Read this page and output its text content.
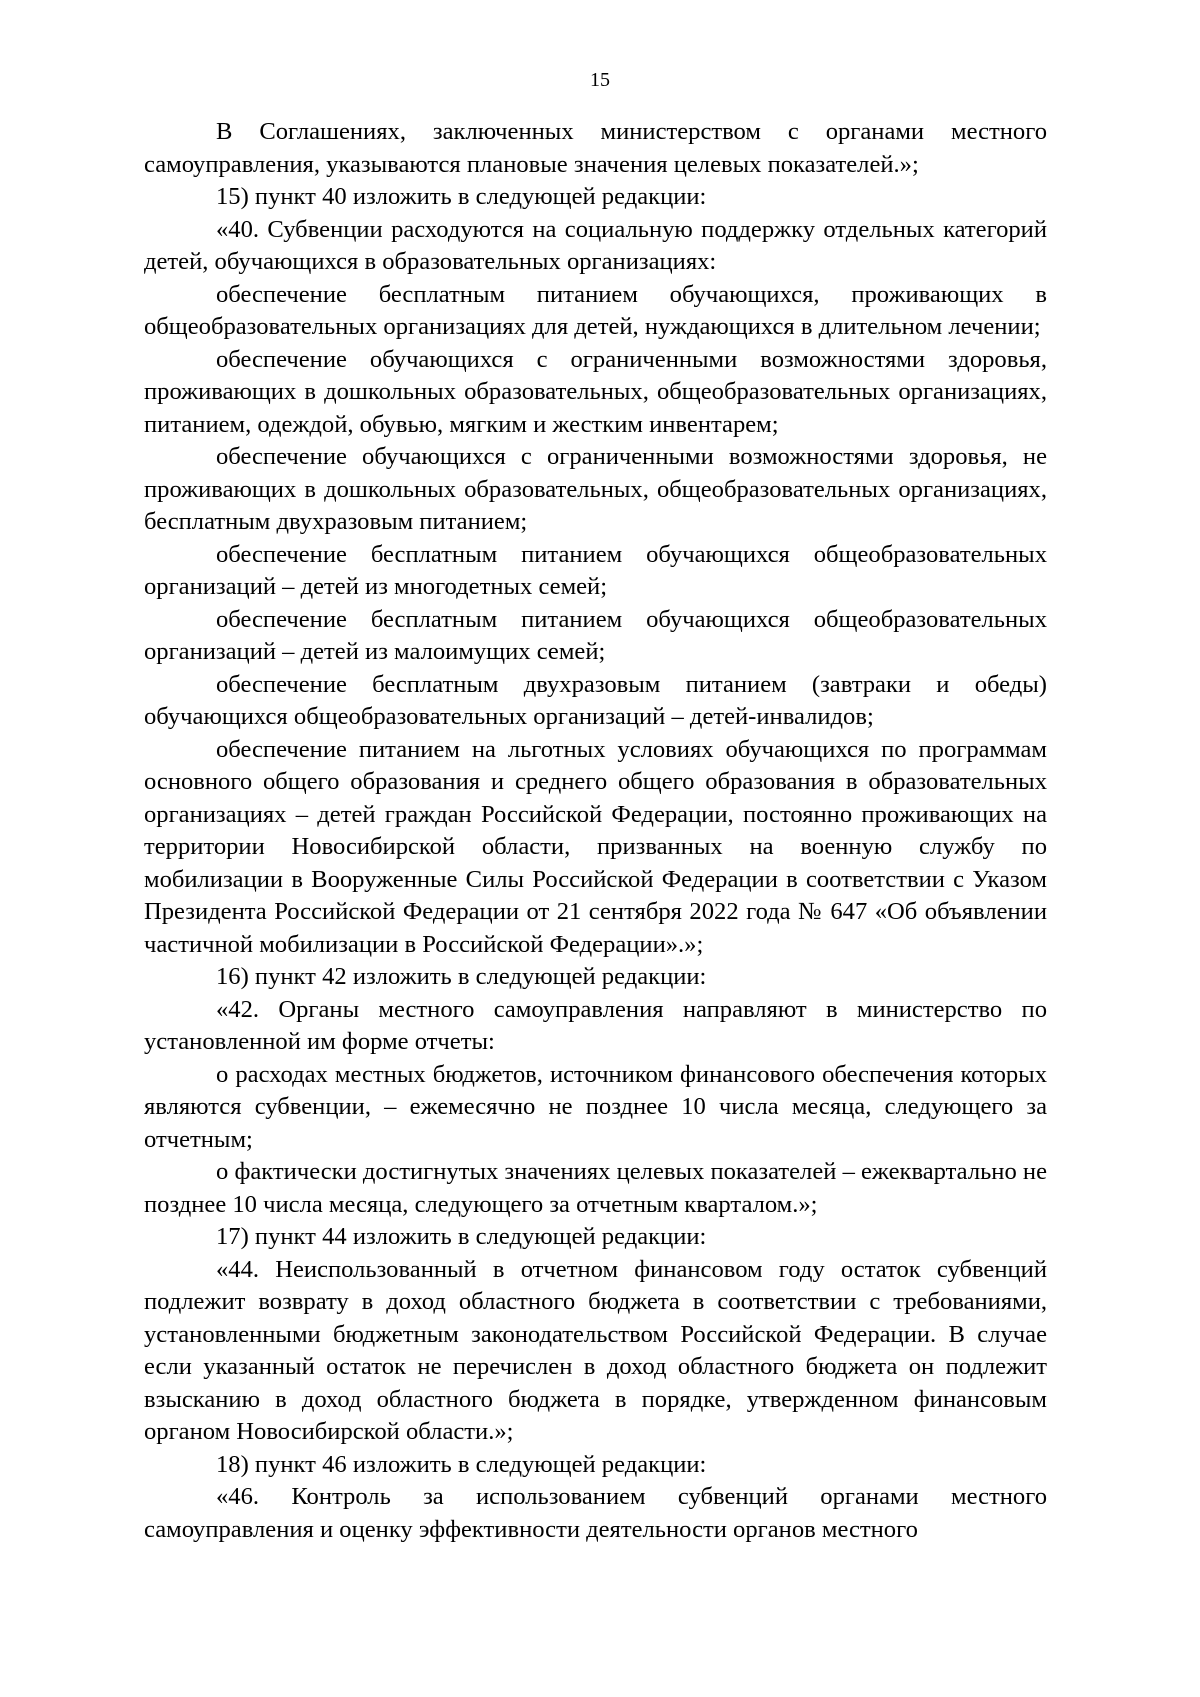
15

В Соглашениях, заключенных министерством с органами местного самоуправления, указываются плановые значения целевых показателей.»;

15) пункт 40 изложить в следующей редакции:

«40. Субвенции расходуются на социальную поддержку отдельных категорий детей, обучающихся в образовательных организациях:

обеспечение бесплатным питанием обучающихся, проживающих в общеобразовательных организациях для детей, нуждающихся в длительном лечении;

обеспечение обучающихся с ограниченными возможностями здоровья, проживающих в дошкольных образовательных, общеобразовательных организациях, питанием, одеждой, обувью, мягким и жестким инвентарем;

обеспечение обучающихся с ограниченными возможностями здоровья, не проживающих в дошкольных образовательных, общеобразовательных организациях, бесплатным двухразовым питанием;

обеспечение бесплатным питанием обучающихся общеобразовательных организаций – детей из многодетных семей;

обеспечение бесплатным питанием обучающихся общеобразовательных организаций – детей из малоимущих семей;

обеспечение бесплатным двухразовым питанием (завтраки и обеды) обучающихся общеобразовательных организаций – детей-инвалидов;

обеспечение питанием на льготных условиях обучающихся по программам основного общего образования и среднего общего образования в образовательных организациях – детей граждан Российской Федерации, постоянно проживающих на территории Новосибирской области, призванных на военную службу по мобилизации в Вооруженные Силы Российской Федерации в соответствии с Указом Президента Российской Федерации от 21 сентября 2022 года № 647 «Об объявлении частичной мобилизации в Российской Федерации».»;

16) пункт 42 изложить в следующей редакции:

«42. Органы местного самоуправления направляют в министерство по установленной им форме отчеты:

о расходах местных бюджетов, источником финансового обеспечения которых являются субвенции, – ежемесячно не позднее 10 числа месяца, следующего за отчетным;

о фактически достигнутых значениях целевых показателей – ежеквартально не позднее 10 числа месяца, следующего за отчетным кварталом.»;

17) пункт 44 изложить в следующей редакции:

«44. Неиспользованный в отчетном финансовом году остаток субвенций подлежит возврату в доход областного бюджета в соответствии с требованиями, установленными бюджетным законодательством Российской Федерации. В случае если указанный остаток не перечислен в доход областного бюджета он подлежит взысканию в доход областного бюджета в порядке, утвержденном финансовым органом Новосибирской области.»;

18) пункт 46 изложить в следующей редакции:

«46. Контроль за использованием субвенций органами местного самоуправления и оценку эффективности деятельности органов местного
